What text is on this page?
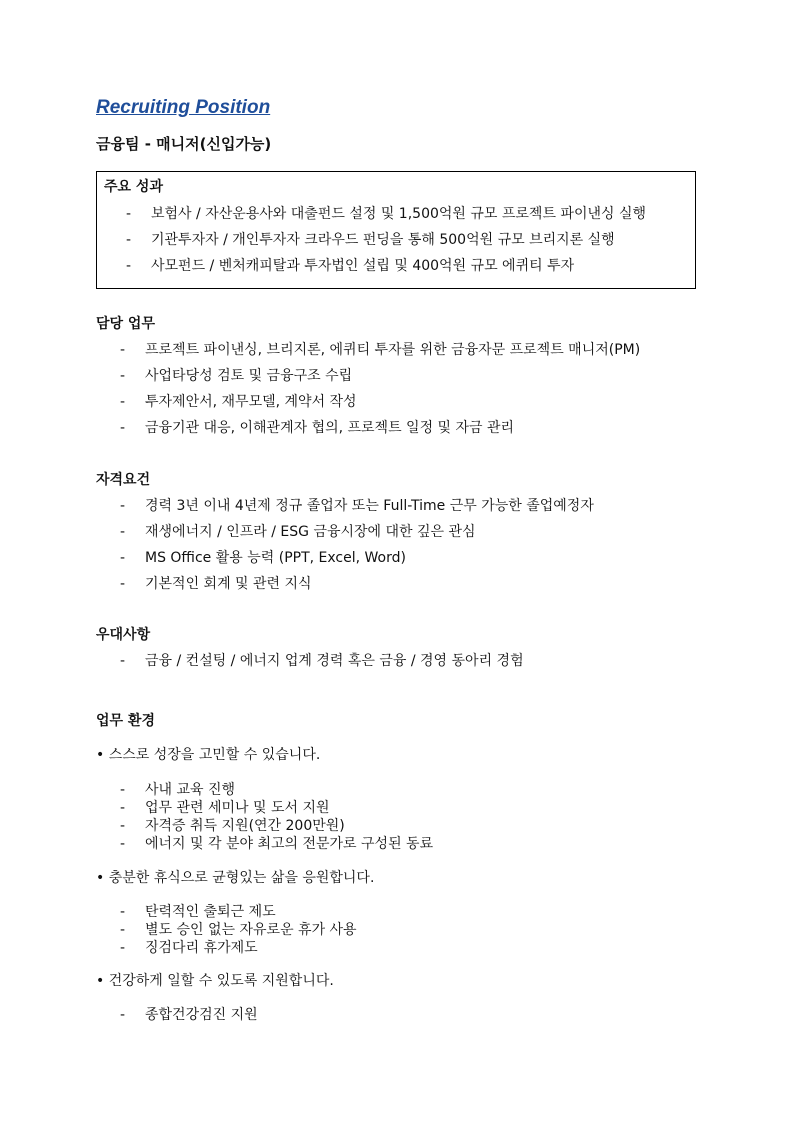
Recruiting Position
금융팀 - 매니저(신입가능)
주요 성과
- 보험사 / 자산운용사와 대출펀드 설정 및 1,500억원 규모 프로젝트 파이낸싱 실행
- 기관투자자 / 개인투자자 크라우드 펀딩을 통해 500억원 규모 브리지론 실행
- 사모펀드 / 벤처캐피탈과 투자법인 설립 및 400억원 규모 에퀴티 투자
담당 업무
- 프로젝트 파이낸싱, 브리지론, 에퀴티 투자를 위한 금융자문 프로젝트 매니저(PM)
- 사업타당성 검토 및 금융구조 수립
- 투자제안서, 재무모델, 계약서 작성
- 금융기관 대응, 이해관계자 협의, 프로젝트 일정 및 자금 관리
자격요건
- 경력 3년 이내 4년제 정규 졸업자 또는 Full-Time 근무 가능한 졸업예정자
- 재생에너지 / 인프라 / ESG 금융시장에 대한 깊은 관심
- MS Office 활용 능력 (PPT, Excel, Word)
- 기본적인 회계 및 관련 지식
우대사항
- 금융 / 컨설팅 / 에너지 업계 경력 혹은 금융 / 경영 동아리 경험
업무 환경
• 스스로 성장을 고민할 수 있습니다.
- 사내 교육 진행
- 업무 관련 세미나 및 도서 지원
- 자격증 취득 지원(연간 200만원)
- 에너지 및 각 분야 최고의 전문가로 구성된 동료
• 충분한 휴식으로 균형있는 삶을 응원합니다.
- 탄력적인 출퇴근 제도
- 별도 승인 없는 자유로운 휴가 사용
- 징검다리 휴가제도
• 건강하게 일할 수 있도록 지원합니다.
- 종합건강검진 지원
